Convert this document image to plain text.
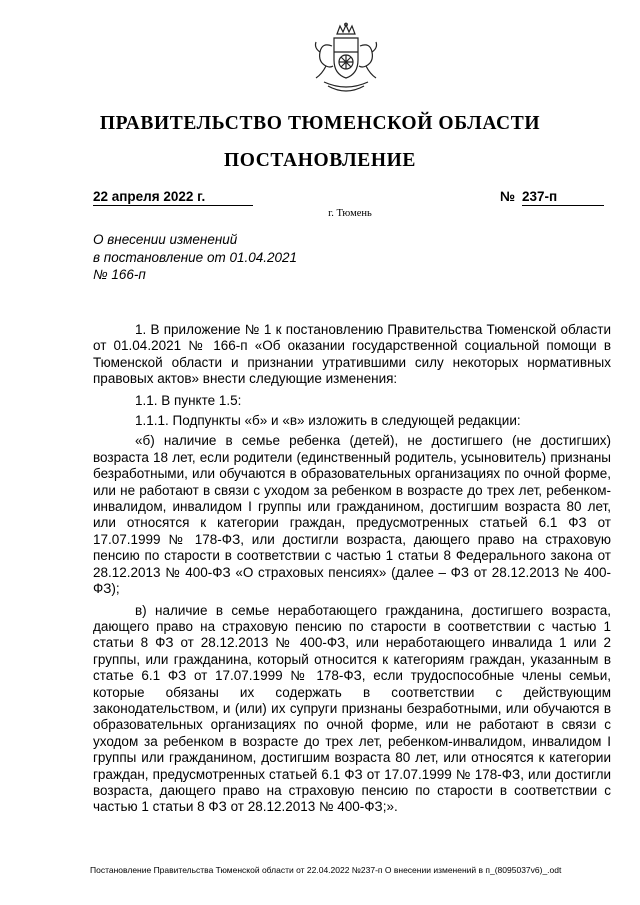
ПРАВИТЕЛЬСТВО ТЮМЕНСКОЙ ОБЛАСТИ
ПОСТАНОВЛЕНИЕ
22 апреля 2022 г.	№ 237-п
г. Тюмень
О внесении изменений
в постановление от 01.04.2021
№ 166-п

1. В приложение № 1 к постановлению Правительства Тюменской области от 01.04.2021 № 166-п «Об оказании государственной социальной помощи в Тюменской области и признании утратившими силу некоторых нормативных правовых актов» внести следующие изменения:

1.1. В пункте 1.5:

1.1.1. Подпункты «б» и «в» изложить в следующей редакции:

«б) наличие в семье ребенка (детей), не достигшего (не достигших) возраста 18 лет, если родители (единственный родитель, усыновитель) признаны безработными, или обучаются в образовательных организациях по очной форме, или не работают в связи с уходом за ребенком в возрасте до трех лет, ребенком-инвалидом, инвалидом I группы или гражданином, достигшим возраста 80 лет, или относятся к категории граждан, предусмотренных статьей 6.1 ФЗ от 17.07.1999 № 178-ФЗ, или достигли возраста, дающего право на страховую пенсию по старости в соответствии с частью 1 статьи 8 Федерального закона от 28.12.2013 № 400-ФЗ «О страховых пенсиях» (далее – ФЗ от 28.12.2013 № 400-ФЗ);

в) наличие в семье неработающего гражданина, достигшего возраста, дающего право на страховую пенсию по старости в соответствии с частью 1 статьи 8 ФЗ от 28.12.2013 № 400-ФЗ, или неработающего инвалида 1 или 2 группы, или гражданина, который относится к категориям граждан, указанным в статье 6.1 ФЗ от 17.07.1999 № 178-ФЗ, если трудоспособные члены семьи, которые обязаны их содержать в соответствии с действующим законодательством, и (или) их супруги признаны безработными, или обучаются в образовательных организациях по очной форме, или не работают в связи с уходом за ребенком в возрасте до трех лет, ребенком-инвалидом, инвалидом I группы или гражданином, достигшим возраста 80 лет, или относятся к категории граждан, предусмотренных статьей 6.1 ФЗ от 17.07.1999 № 178-ФЗ, или достигли возраста, дающего право на страховую пенсию по старости в соответствии с частью 1 статьи 8 ФЗ от 28.12.2013 № 400-ФЗ;».

Постановление Правительства Тюменской области от 22.04.2022 №237-п О внесении изменений в п_(8095037v6)_.odt
